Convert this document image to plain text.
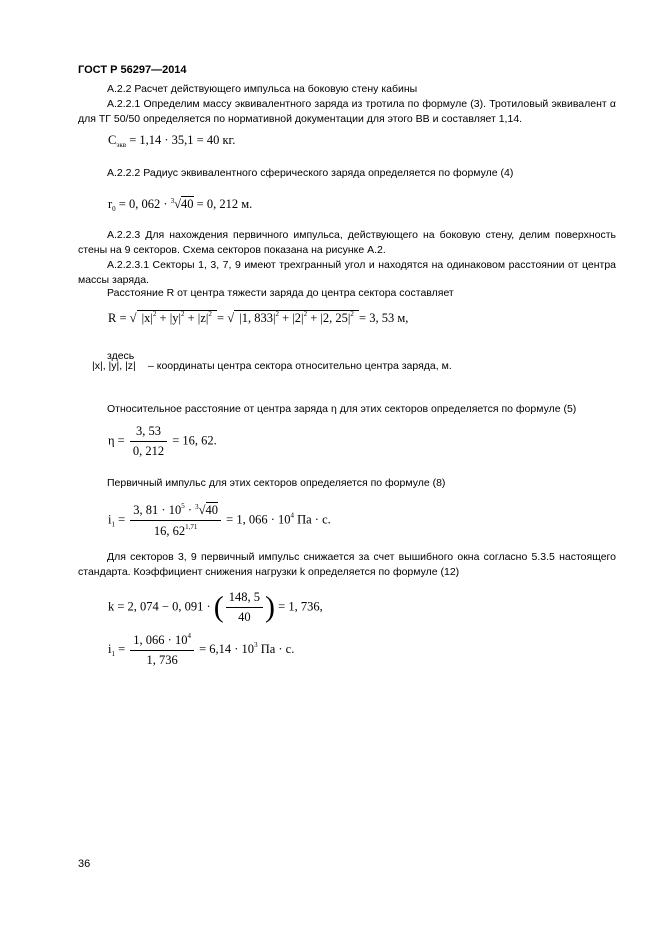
ГОСТ Р 56297—2014
А.2.2 Расчет действующего импульса на боковую стену кабины
А.2.2.1 Определим массу эквивалентного заряда из тротила по формуле (3). Тротиловый эквивалент α для ТГ 50/50 определяется по нормативной документации для этого ВВ и составляет 1,14.
$C_{экв} = 1,14 \cdot 35,1 = 40$ кг.
А.2.2.2 Радиус эквивалентного сферического заряда определяется по формуле (4)
$r_0 = 0$, 062 · $^3$√40 = 0, 212 м.
А.2.2.3 Для нахождения первичного импульса, действующего на боковую стену, делим поверхность стены на 9 секторов. Схема секторов показана на рисунке А.2.
А.2.2.3.1 Секторы 1, 3, 7, 9 имеют трехгранный угол и находятся на одинаковом расстоянии от центра массы заряда.
Расстояние R от центра тяжести заряда до центра сектора составляет
R = √ $|x|^2 + |y|^2 + |z|^2$ = √ |1, $833|^2 + |2|^2 + |2$, $25|^2 = 3$, 53 м,
здесь
|x|, |y|, |z| – координаты центра сектора относительно центра заряда, м.
Относительное расстояние от центра заряда η для этих секторов определяется по формуле (5)
$\eta = \frac{3, 53}{0, 212} = 16$, 62.
Первичный импульс для этих секторов определяется по формуле (8)
$i_1 = \frac{3, 81 \cdot 10^5 \cdot ^3√40}{16, 62^{1,71}} = 1$, $066 \cdot 10^4$ Па · с.
Для секторов 3, 9 первичный импульс снижается за счет вышибного окна согласно 5.3.5 настоящего стандарта. Коэффициент снижения нагрузки k определяется по формуле (12)
k = 2, 074 − 0, 091 · ( $\frac{148, 5}{40}$ ) = 1, 736,
$i_1 = \frac{1, 066 \cdot 10^4}{1, 736} = 6,14 \cdot 10^3$ Па · с.
36
